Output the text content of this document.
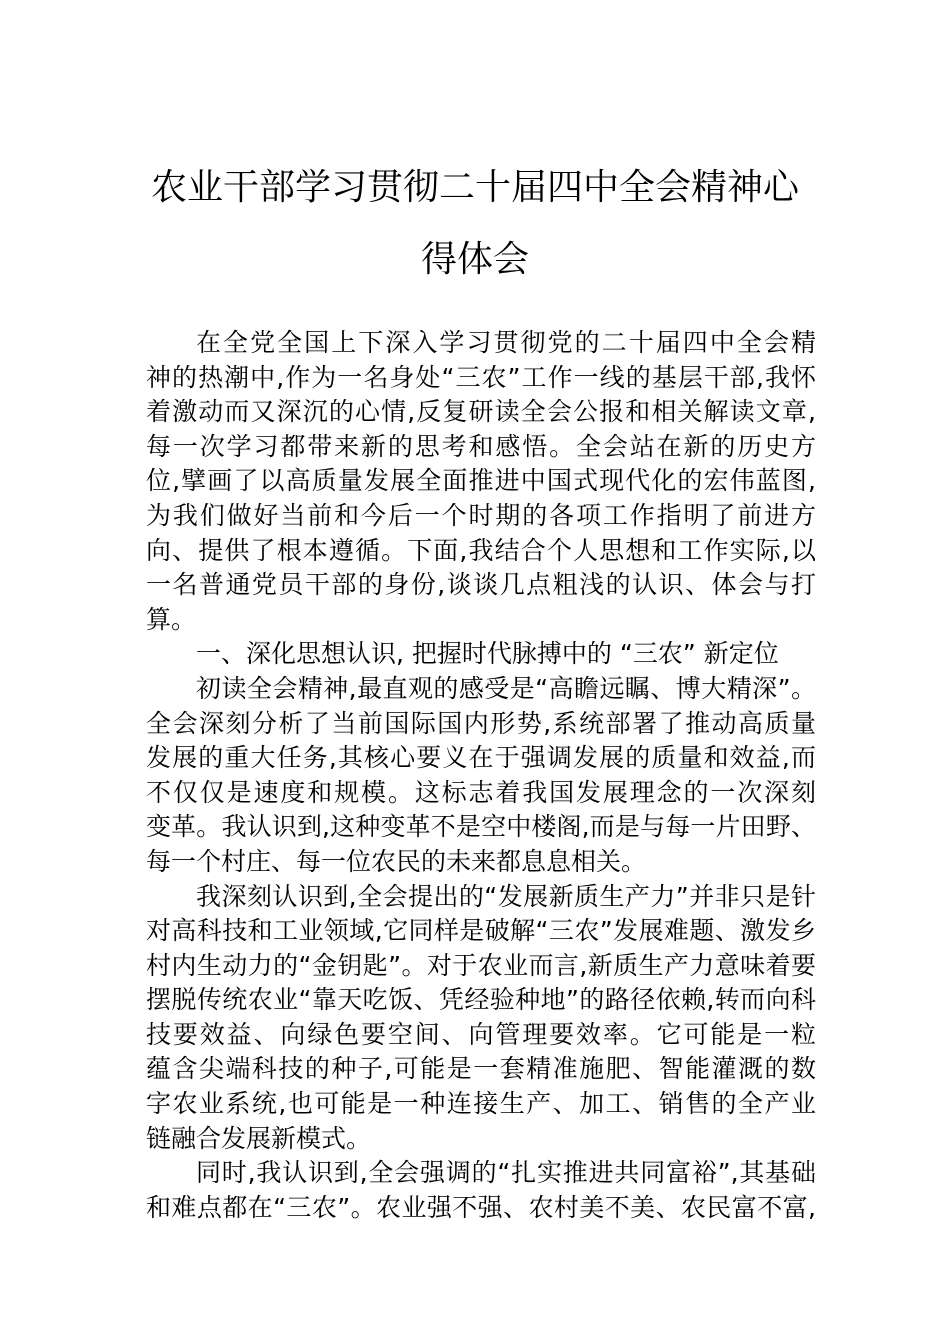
农业干部学习贯彻二十届四中全会精神心
得体会
在全党全国上下深入学习贯彻党的二十届四中全会精
神的热潮中,作为一名身处“三农”工作一线的基层干部,我怀
着激动而又深沉的心情,反复研读全会公报和相关解读文章,
每一次学习都带来新的思考和感悟。全会站在新的历史方
位,擘画了以高质量发展全面推进中国式现代化的宏伟蓝图,
为我们做好当前和今后一个时期的各项工作指明了前进方
向、提供了根本遵循。下面,我结合个人思想和工作实际,以
一名普通党员干部的身份,谈谈几点粗浅的认识、体会与打
算。
一、深化思想认识, 把握时代脉搏中的 “三农” 新定位
初读全会精神,最直观的感受是“高瞻远瞩、博大精深”。
全会深刻分析了当前国际国内形势,系统部署了推动高质量
发展的重大任务,其核心要义在于强调发展的质量和效益,而
不仅仅是速度和规模。这标志着我国发展理念的一次深刻
变革。我认识到,这种变革不是空中楼阁,而是与每一片田野、
每一个村庄、每一位农民的未来都息息相关。
我深刻认识到,全会提出的“发展新质生产力”并非只是针
对高科技和工业领域,它同样是破解“三农”发展难题、激发乡
村内生动力的“金钥匙”。对于农业而言,新质生产力意味着要
摆脱传统农业“靠天吃饭、凭经验种地”的路径依赖,转而向科
技要效益、向绿色要空间、向管理要效率。它可能是一粒
蕴含尖端科技的种子,可能是一套精准施肥、智能灌溉的数
字农业系统,也可能是一种连接生产、加工、销售的全产业
链融合发展新模式。
同时,我认识到,全会强调的“扎实推进共同富裕”,其基础
和难点都在“三农”。农业强不强、农村美不美、农民富不富,
